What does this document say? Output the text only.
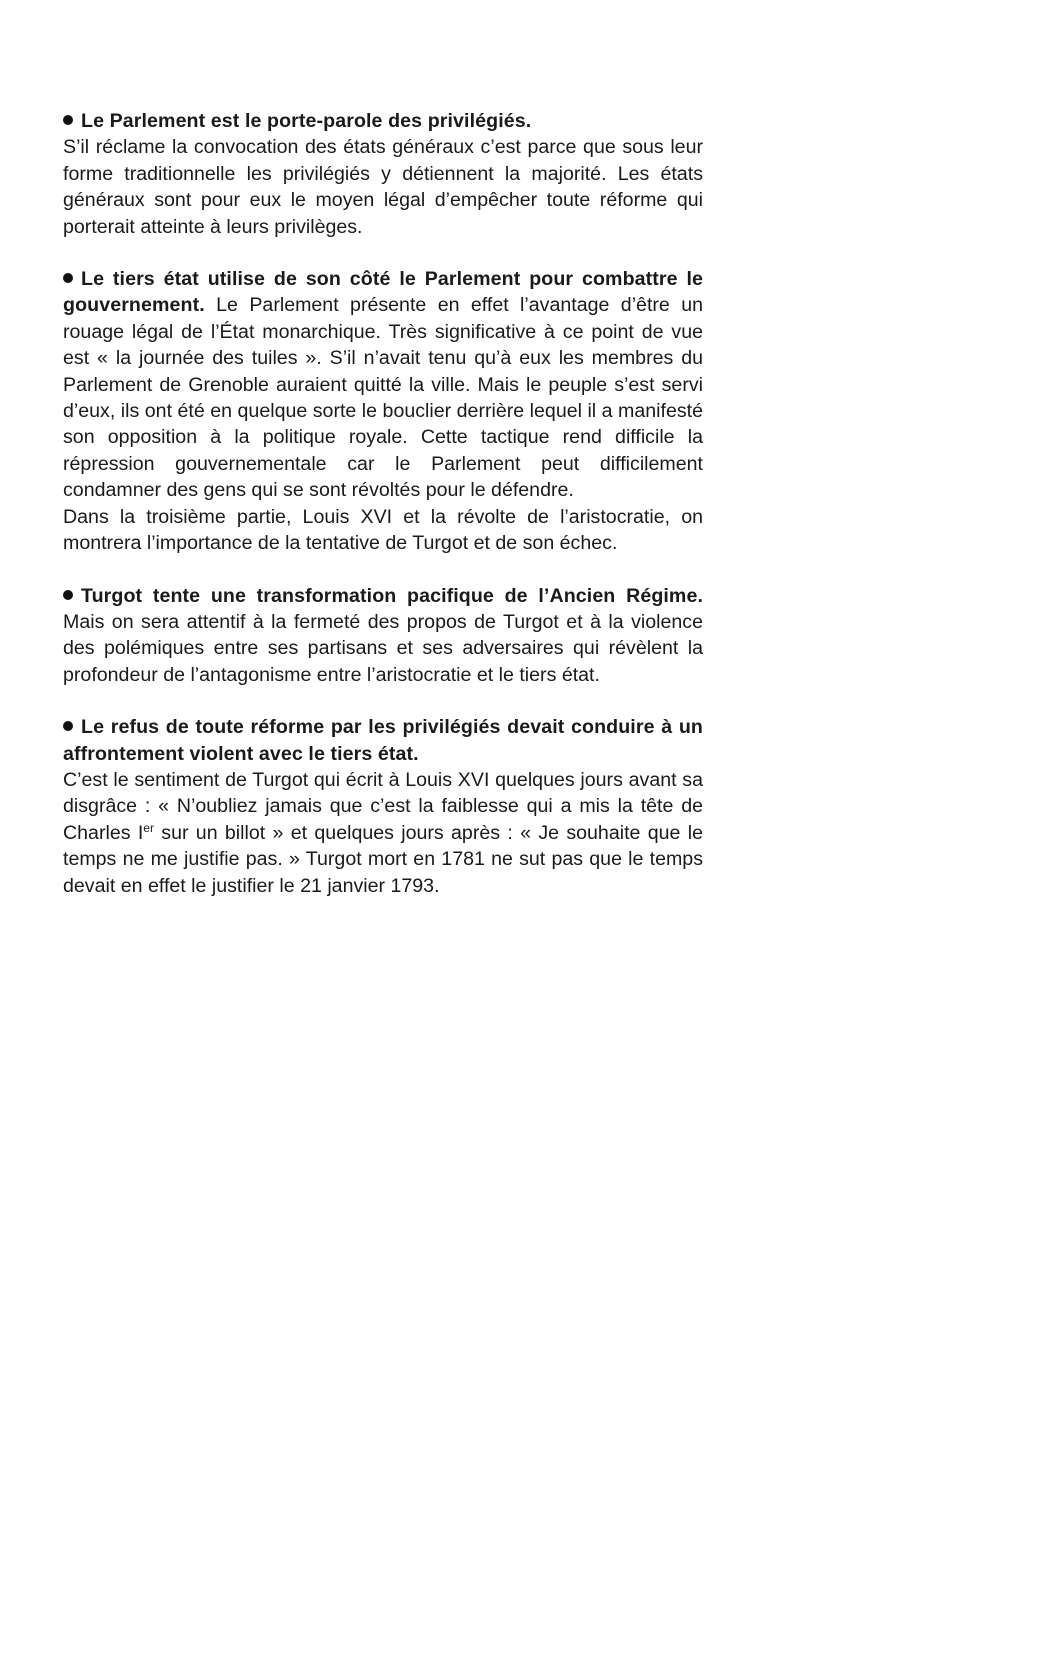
Le Parlement est le porte-parole des privilégiés.
S’il réclame la convocation des états généraux c’est parce que sous leur forme traditionnelle les privilégiés y détiennent la majorité. Les états généraux sont pour eux le moyen légal d’empêcher toute réforme qui porterait atteinte à leurs privilèges.

Le tiers état utilise de son côté le Parlement pour combattre le gouvernement. Le Parlement présente en effet l’avantage d’être un rouage légal de l’État monarchique. Très significative à ce point de vue est « la journée des tuiles ». S’il n’avait tenu qu’à eux les membres du Parlement de Grenoble auraient quitté la ville. Mais le peuple s’est servi d’eux, ils ont été en quelque sorte le bouclier derrière lequel il a manifesté son opposition à la politique royale. Cette tactique rend difficile la répression gouvernementale car le Parlement peut difficilement condamner des gens qui se sont révoltés pour le défendre.

Dans la troisième partie, Louis XVI et la révolte de l’aristocratie, on montrera l’importance de la tentative de Turgot et de son échec.

Turgot tente une transformation pacifique de l’Ancien Régime. Mais on sera attentif à la fermeté des propos de Turgot et à la violence des polémiques entre ses partisans et ses adversaires qui révèlent la profondeur de l’antagonisme entre l’aristocratie et le tiers état.

Le refus de toute réforme par les privilégiés devait conduire à un affrontement violent avec le tiers état.
C’est le sentiment de Turgot qui écrit à Louis XVI quelques jours avant sa disgrâce : « N’oubliez jamais que c’est la faiblesse qui a mis la tête de Charles Ier sur un billot » et quelques jours après : « Je souhaite que le temps ne me justifie pas. » Turgot mort en 1781 ne sut pas que le temps devait en effet le justifier le 21 janvier 1793.
